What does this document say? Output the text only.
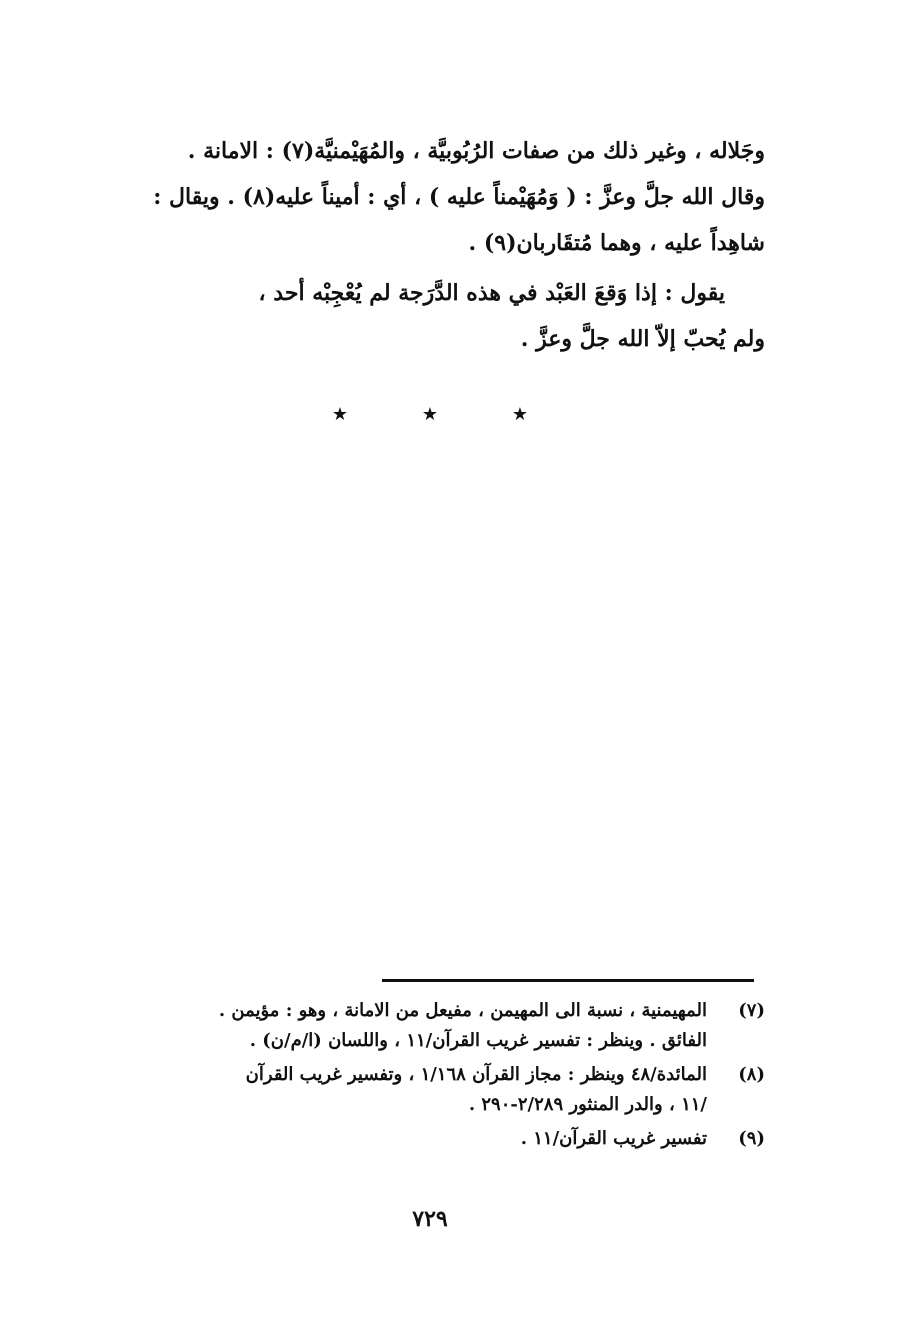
وجَلاله ، وغير ذلك من صفات الرُبُوبيَّة ، والمُهَيْمنيَّة(٧) : الامانة .

وقال الله جلَّ وعزَّ : ( وَمُهَيْمناً عليه ) ، أي : أميناً عليه(٨) . ويقال :

شاهِداً عليه ، وهما مُتقَاربان(٩) .

يقول : إذا وَقعَ العَبْد في هذه الدَّرَجة لم يُعْجِبْه أحد ،

ولم يُحبّ إلاّ الله جلَّ وعزَّ .

★	★	★
(٧)
المهيمنية ، نسبة الى المهيمن ، مفيعل من الامانة ، وهو : مؤيمن .
الفائق . وينظر : تفسير غريب القرآن/١١ ، واللسان (ا/م/ن) .
(٨)
المائدة/٤٨ وينظر : مجاز القرآن ١/١٦٨ ، وتفسير غريب القرآن
/١١ ، والدر المنثور ٢/٢٨٩-٢٩٠ .
(٩)
تفسير غريب القرآن/١١ .
٧٢٩
